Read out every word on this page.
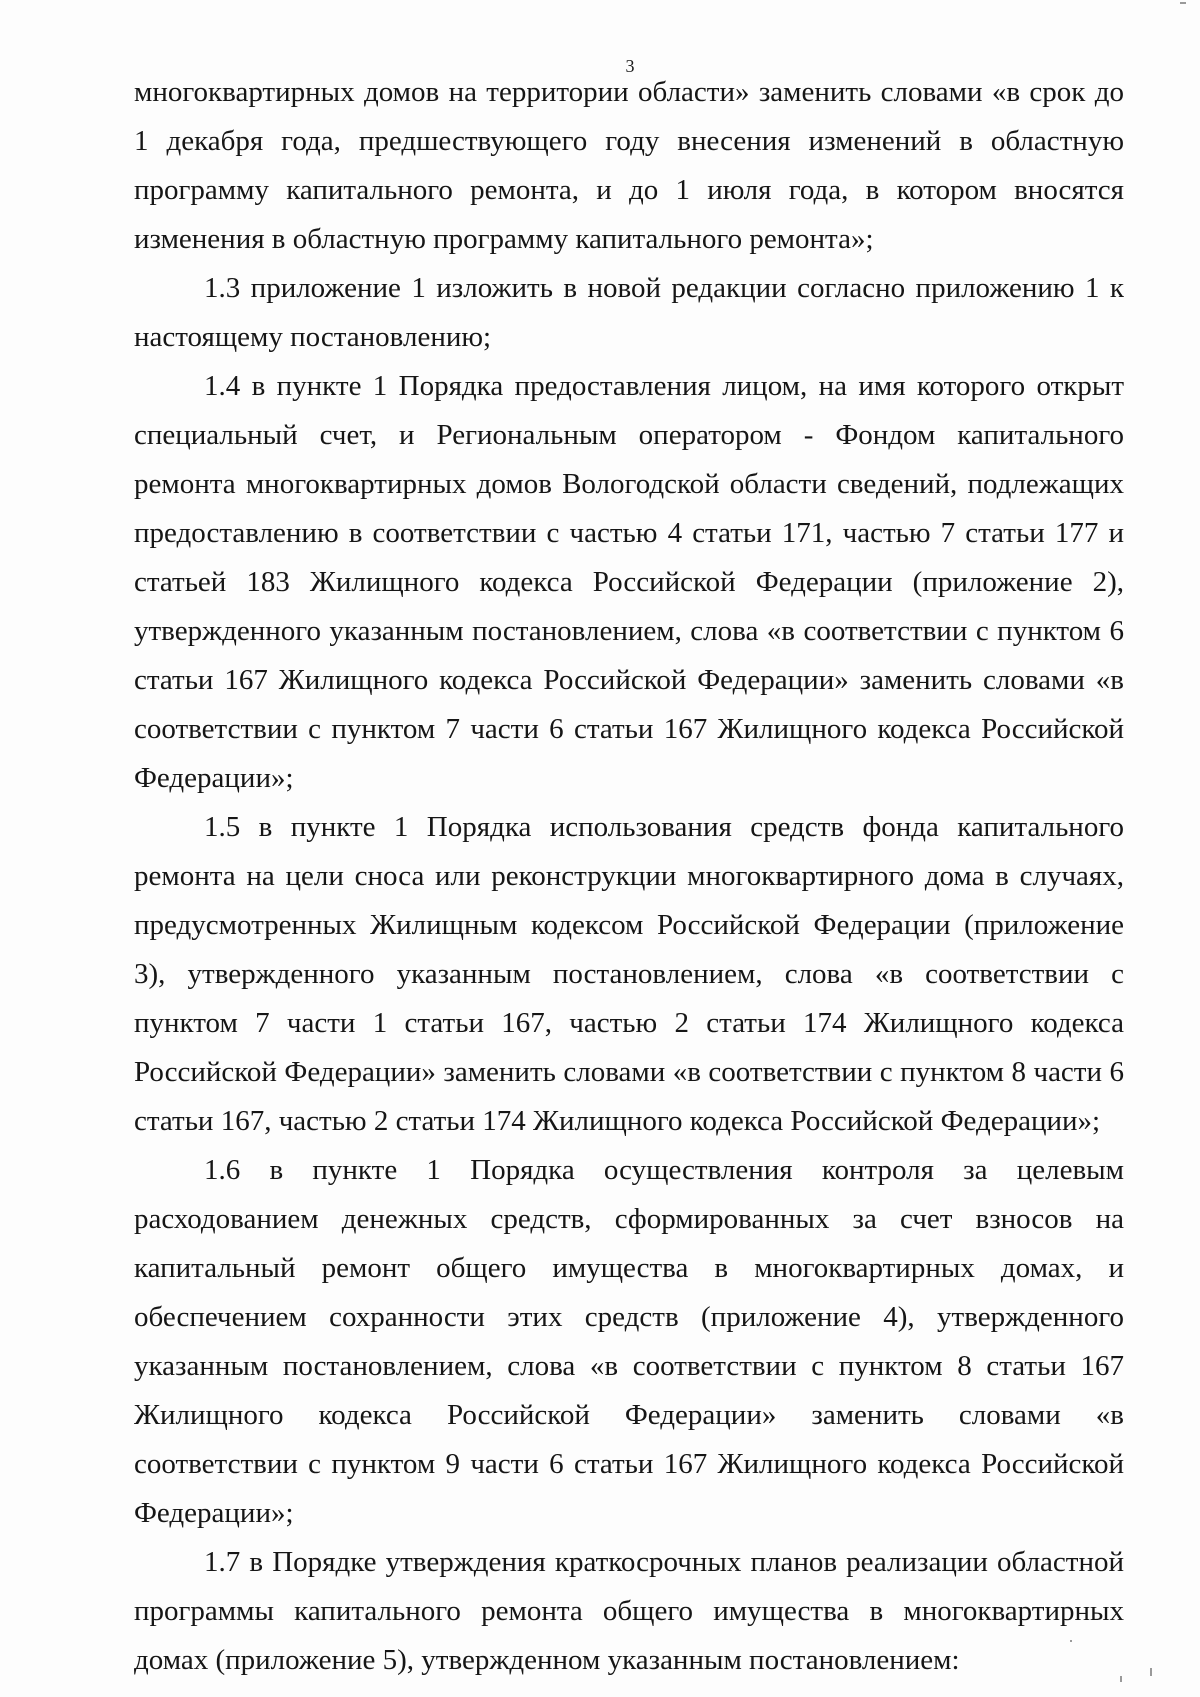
3

многоквартирных домов на территории области» заменить словами «в срок до 1 декабря года, предшествующего году внесения изменений в областную программу капитального ремонта, и до 1 июля года, в котором вносятся изменения в областную программу капитального ремонта»;

1.3 приложение 1 изложить в новой редакции согласно приложению 1 к настоящему постановлению;

1.4 в пункте 1 Порядка предоставления лицом, на имя которого открыт специальный счет, и Региональным оператором - Фондом капитального ремонта многоквартирных домов Вологодской области сведений, подлежащих предоставлению в соответствии с частью 4 статьи 171, частью 7 статьи 177 и статьей 183 Жилищного кодекса Российской Федерации (приложение 2), утвержденного указанным постановлением, слова «в соответствии с пунктом 6 статьи 167 Жилищного кодекса Российской Федерации» заменить словами «в соответствии с пунктом 7 части 6 статьи 167 Жилищного кодекса Российской Федерации»;

1.5 в пункте 1 Порядка использования средств фонда капитального ремонта на цели сноса или реконструкции многоквартирного дома в случаях, предусмотренных Жилищным кодексом Российской Федерации (приложение 3), утвержденного указанным постановлением, слова «в соответствии с пунктом 7 части 1 статьи 167, частью 2 статьи 174 Жилищного кодекса Российской Федерации» заменить словами «в соответствии с пунктом 8 части 6 статьи 167, частью 2 статьи 174 Жилищного кодекса Российской Федерации»;

1.6 в пункте 1 Порядка осуществления контроля за целевым расходованием денежных средств, сформированных за счет взносов на капитальный ремонт общего имущества в многоквартирных домах, и обеспечением сохранности этих средств (приложение 4), утвержденного указанным постановлением, слова «в соответствии с пунктом 8 статьи 167 Жилищного кодекса Российской Федерации» заменить словами «в соответствии с пунктом 9 части 6 статьи 167 Жилищного кодекса Российской Федерации»;

1.7 в Порядке утверждения краткосрочных планов реализации областной программы капитального ремонта общего имущества в многоквартирных домах (приложение 5), утвержденном указанным постановлением:
